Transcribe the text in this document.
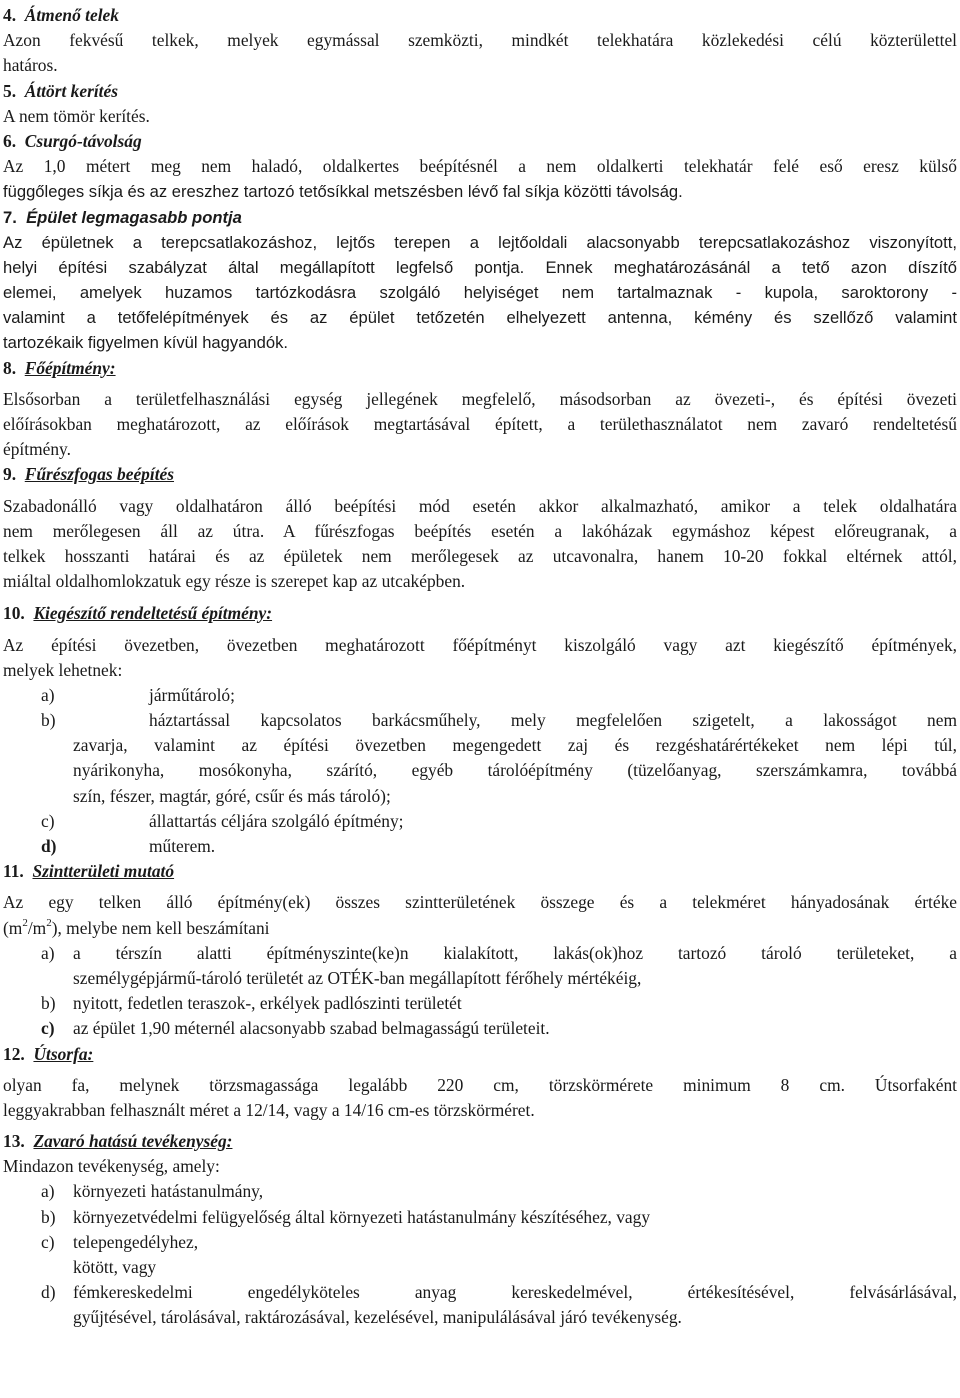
4. Átmenő telek
Azon fekvésű telkek, melyek egymással szemközti, mindkét telekhatára közlekedési célú közterülettel
határos.
5. Áttört kerítés
A nem tömör kerítés.
6. Csurgó-távolság
Az 1,0 métert meg nem haladó, oldalkertes beépítésnél a nem oldalkerti telekhatár felé eső eresz külső
függőleges síkja és az ereszhez tartozó tetősíkkal metszésben lévő fal síkja közötti távolság.
7. Épület legmagasabb pontja
Az épületnek a terepcsatlakozáshoz, lejtős terepen a lejtőoldali alacsonyabb terepcsatlakozáshoz viszonyított,
helyi építési szabályzat által megállapított legfelső pontja. Ennek meghatározásánál a tető azon díszítő
elemei, amelyek huzamos tartózkodásra szolgáló helyiséget nem tartalmaznak - kupola, saroktorony -
valamint a tetőfelépítmények és az épület tetőzetén elhelyezett antenna, kémény és szellőző valamint
tartozékaik figyelmen kívül hagyandók.
8. Főépítmény:
Elsősorban a területfelhasználási egység jellegének megfelelő, másodsorban az övezeti-, és építési övezeti
előírásokban meghatározott, az előírások megtartásával épített, a területhasználatot nem zavaró rendeltetésű
építmény.
9. Fűrészfogas beépítés
Szabadonálló vagy oldalhatáron álló beépítési mód esetén akkor alkalmazható, amikor a telek oldalhatára
nem merőlegesen áll az útra. A fűrészfogas beépítés esetén a lakóházak egymáshoz képest előreugranak, a
telkek hosszanti határai és az épületek nem merőlegesek az utcavonalra, hanem 10-20 fokkal eltérnek attól,
miáltal oldalhomlokzatuk egy része is szerepet kap az utcaképben.
10. Kiegészítő rendeltetésű építmény:
Az építési övezetben, övezetben meghatározott főépítményt kiszolgáló vagy azt kiegészítő építmények,
melyek lehetnek:
a)	járműtároló;
b)	háztartással kapcsolatos barkácsműhely, mely megfelelően szigetelt, a lakosságot nem
zavarja, valamint az építési övezetben megengedett zaj és rezgéshatárértékeket nem lépi túl,
nyárikonyha, mosókonyha, szárító, egyéb tárolóépítmény (tüzelőanyag, szerszámkamra, továbbá
szín, fészer, magtár, góré, csűr és más tároló);
c)	állattartás céljára szolgáló építmény;
d)	műterem.
11. Szintterületi mutató
Az egy telken álló építmény(ek) összes szintterületének összege és a telekméret hányadosának értéke
$(m^2/m^2)$, melybe nem kell beszámítani
a)	a térszín alatti építményszinte(ke)n kialakított, lakás(ok)hoz tartozó tároló területeket, a
személygépjármű-tároló területét az OTÉK-ban megállapított férőhely mértékéig,
b)	nyitott, fedetlen teraszok-, erkélyek padlószinti területét
c)	az épület 1,90 méternél alacsonyabb szabad belmagasságú területeit.
12. Útsorfa:
olyan fa, melynek törzsmagassága legalább 220 cm, törzskörmérete minimum 8 cm. Útsorfaként
leggyakrabban felhasznált méret a 12/14, vagy a 14/16 cm-es törzskörméret.
13. Zavaró hatású tevékenység:
Mindazon tevékenység, amely:
a)	környezeti hatástanulmány,
b)	környezetvédelmi felügyelőség által környezeti hatástanulmány készítéséhez, vagy
c)	telepengedélyhez,
kötött, vagy
d)	fémkereskedelmi engedélyköteles anyag kereskedelmével, értékesítésével, felvásárlásával,
gyűjtésével, tárolásával, raktározásával, kezelésével, manipulálásával járó tevékenység.
